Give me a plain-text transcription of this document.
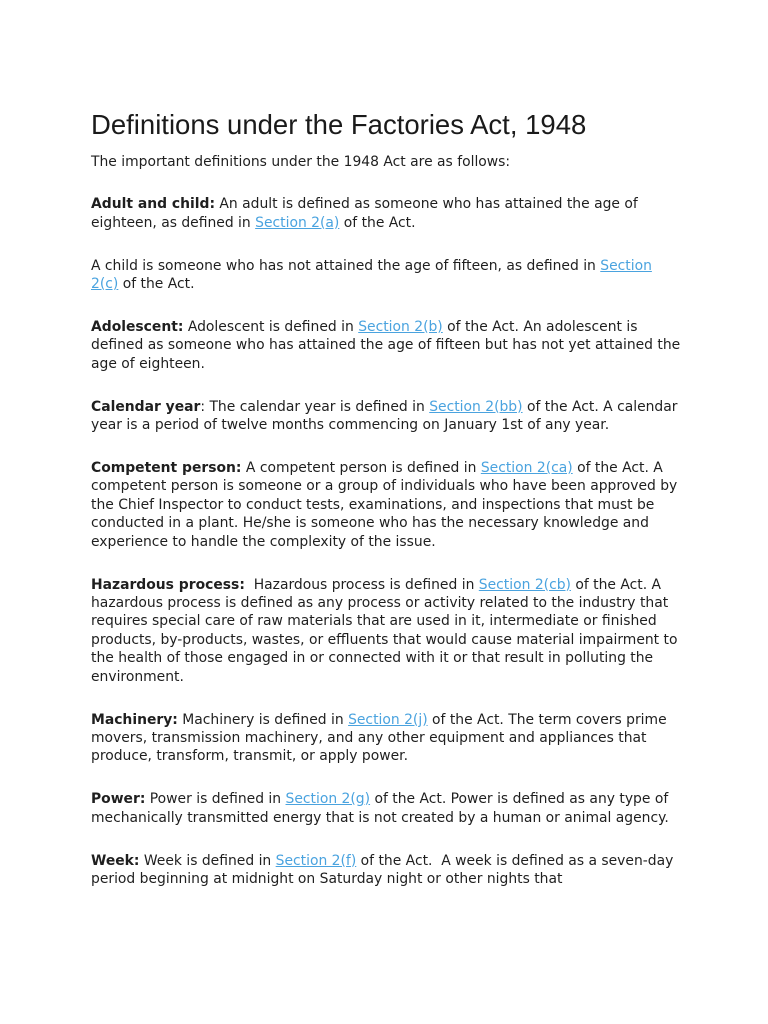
Definitions under the Factories Act, 1948

The important definitions under the 1948 Act are as follows:

Adult and child: An adult is defined as someone who has attained the age of eighteen, as defined in Section 2(a) of the Act.

A child is someone who has not attained the age of fifteen, as defined in Section 2(c) of the Act.

Adolescent: Adolescent is defined in Section 2(b) of the Act. An adolescent is defined as someone who has attained the age of fifteen but has not yet attained the age of eighteen.

Calendar year: The calendar year is defined in Section 2(bb) of the Act. A calendar year is a period of twelve months commencing on January 1st of any year.

Competent person: A competent person is defined in Section 2(ca) of the Act. A competent person is someone or a group of individuals who have been approved by the Chief Inspector to conduct tests, examinations, and inspections that must be conducted in a plant. He/she is someone who has the necessary knowledge and experience to handle the complexity of the issue.

Hazardous process:  Hazardous process is defined in Section 2(cb) of the Act. A hazardous process is defined as any process or activity related to the industry that requires special care of raw materials that are used in it, intermediate or finished products, by-products, wastes, or effluents that would cause material impairment to the health of those engaged in or connected with it or that result in polluting the environment.

Machinery: Machinery is defined in Section 2(j) of the Act. The term covers prime movers, transmission machinery, and any other equipment and appliances that produce, transform, transmit, or apply power.

Power: Power is defined in Section 2(g) of the Act. Power is defined as any type of mechanically transmitted energy that is not created by a human or animal agency.

Week: Week is defined in Section 2(f) of the Act.  A week is defined as a seven-day period beginning at midnight on Saturday night or other nights that
